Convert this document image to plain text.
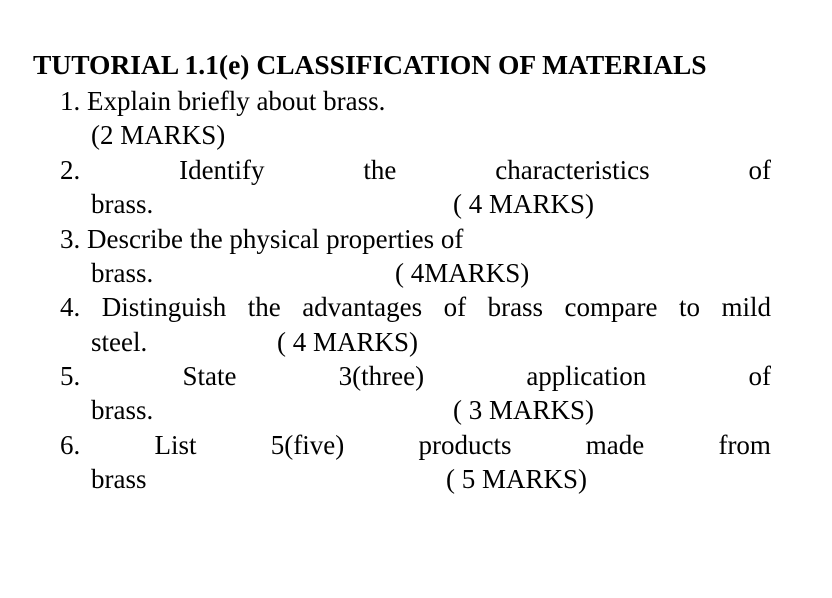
TUTORIAL 1.1(e) CLASSIFICATION OF MATERIALS
1. Explain briefly about brass.
(2 MARKS)
2.	Identify	the	characteristics	of
brass.	( 4 MARKS)
3. Describe the physical properties of
brass.	( 4MARKS)
4. Distinguish the advantages of brass compare to mild
steel.	( 4 MARKS)
5.	State	3(three)	application	of
brass.	( 3 MARKS)
6.	List	5(five)	products	made	from
brass	( 5 MARKS)
